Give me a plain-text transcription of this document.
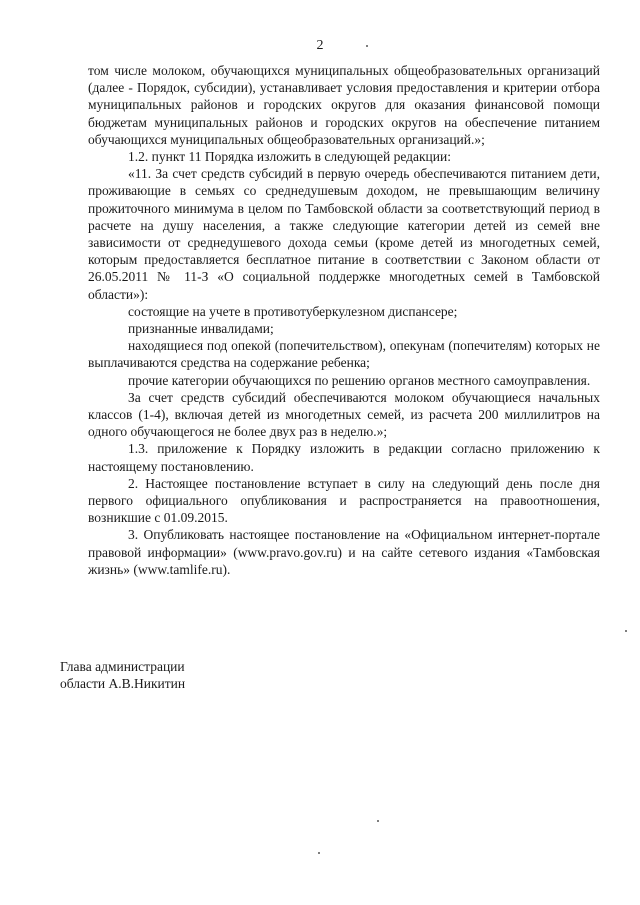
2

том числе молоком, обучающихся муниципальных общеобразовательных организаций (далее - Порядок, субсидии), устанавливает условия предоставления и критерии отбора муниципальных районов и городских округов для оказания финансовой помощи бюджетам муниципальных районов и городских округов на обеспечение питанием обучающихся муниципальных общеобразовательных организаций.»;

1.2. пункт 11 Порядка изложить в следующей редакции:

«11. За счет средств субсидий в первую очередь обеспечиваются питанием дети, проживающие в семьях со среднедушевым доходом, не превышающим величину прожиточного минимума в целом по Тамбовской области за соответствующий период в расчете на душу населения, а также следующие категории детей из семей вне зависимости от среднедушевого дохода семьи (кроме детей из многодетных семей, которым предоставляется бесплатное питание в соответствии с Законом области от 26.05.2011 № 11-З «О социальной поддержке многодетных семей в Тамбовской области»):

состоящие на учете в противотуберкулезном диспансере;

признанные инвалидами;

находящиеся под опекой (попечительством), опекунам (попечителям) которых не выплачиваются средства на содержание ребенка;

прочие категории обучающихся по решению органов местного самоуправления.

За счет средств субсидий обеспечиваются молоком обучающиеся начальных классов (1-4), включая детей из многодетных семей, из расчета 200 миллилитров на одного обучающегося не более двух раз в неделю.»;

1.3. приложение к Порядку изложить в редакции согласно приложению к настоящему постановлению.

2. Настоящее постановление вступает в силу на следующий день после дня первого официального опубликования и распространяется на правоотношения, возникшие с 01.09.2015.

3. Опубликовать настоящее постановление на «Официальном интернет-портале правовой информации» (www.pravo.gov.ru) и на сайте сетевого издания «Тамбовская жизнь» (www.tamlife.ru).

Глава администрации
области А.В.Никитин
